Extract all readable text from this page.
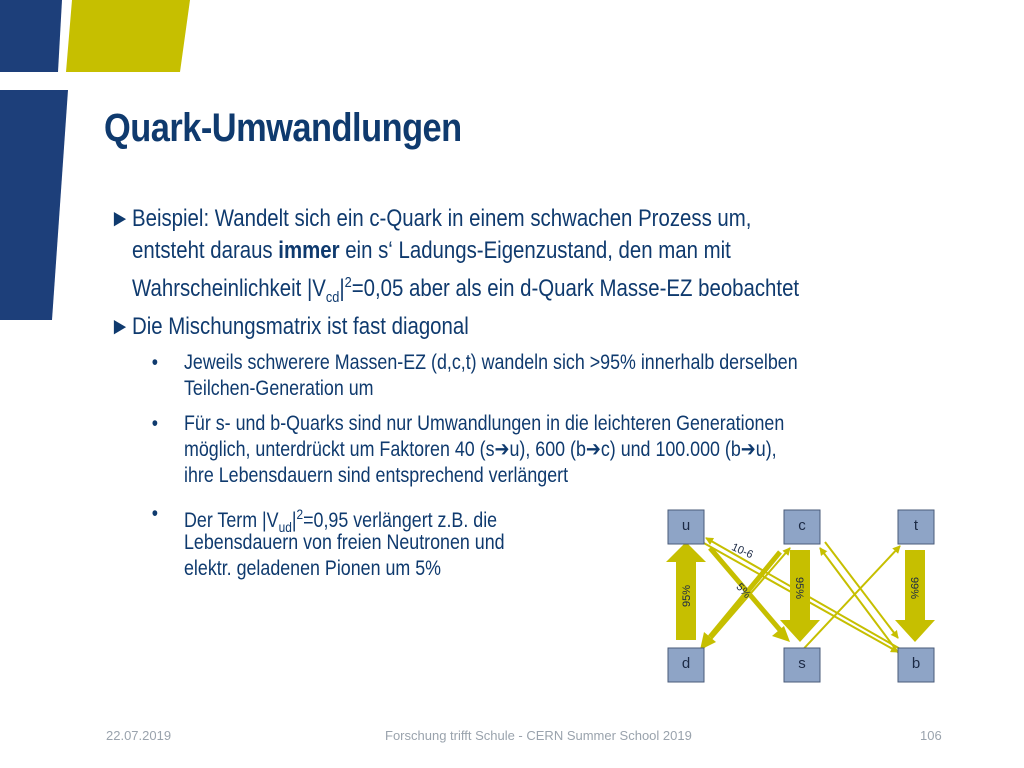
Quark-Umwandlungen
► Beispiel: Wandelt sich ein c-Quark in einem schwachen Prozess um,
entsteht daraus immer ein s‘ Ladungs-Eigenzustand, den man mit
Wahrscheinlichkeit $|V_{cd}|^2=0,05$ aber als ein d-Quark Masse-EZ beobachtet
► Die Mischungsmatrix ist fast diagonal
• Jeweils schwerere Massen-EZ (d,c,t) wandeln sich >95% innerhalb derselben
Teilchen-Generation um
• Für s- und b-Quarks sind nur Umwandlungen in die leichteren Generationen
möglich, unterdrückt um Faktoren 40 (s➔u), 600 (b➔c) und 100.000 (b➔u),
ihre Lebensdauern sind entsprechend verlängert
• Der Term $|V_{ud}|^2=0,95$ verlängert z.B. die
Lebensdauern von freien Neutronen und
elektr. geladenen Pionen um 5%
u	c	t
d	s	b
95%	95%	99%
5%
10-6
22.07.2019	Forschung trifft Schule - CERN Summer School 2019	106
